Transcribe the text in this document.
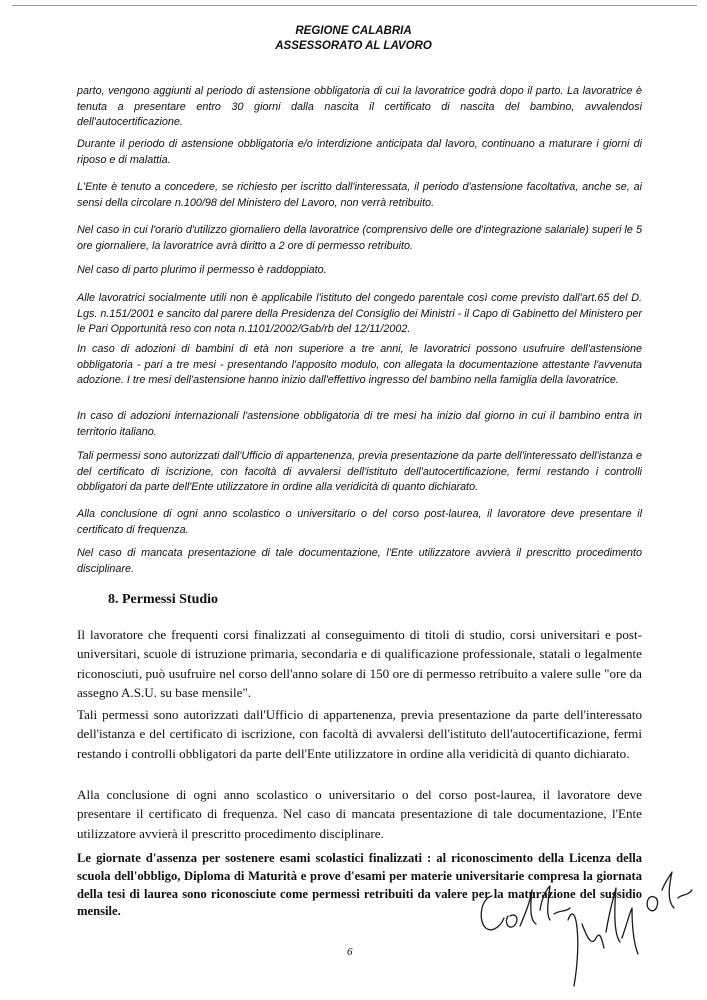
REGIONE CALABRIA
ASSESSORATO AL LAVORO

parto, vengono aggiunti al periodo di astensione obbligatoria di cui la lavoratrice godrà dopo il parto. La lavoratrice è tenuta a presentare entro 30 giorni dalla nascita il certificato di nascita del bambino, avvalendosi dell'autocertificazione.

Durante il periodo di astensione obbligatoria e/o interdizione anticipata dal lavoro, continuano a maturare i giorni di riposo e di malattia.

L'Ente è tenuto a concedere, se richiesto per iscritto dall'interessata, il periodo d'astensione facoltativa, anche se, ai sensi della circolare n.100/98 del Ministero del Lavoro, non verrà retribuito.

Nel caso in cui l'orario d'utilizzo giornaliero della lavoratrice (comprensivo delle ore d'integrazione salariale) superi le 5 ore giornaliere, la lavoratrice avrà diritto a 2 ore di permesso retribuito.

Nel caso di parto plurimo il permesso è raddoppiato.

Alle lavoratrici socialmente utili non è applicabile l'istituto del congedo parentale così come previsto dall'art.65 del D. Lgs. n.151/2001 e sancito dal parere della Presidenza del Consiglio dei Ministri - il Capo di Gabinetto del Ministero per le Pari Opportunità reso con nota n.1101/2002/Gab/rb del 12/11/2002.

In caso di adozioni di bambini di età non superiore a tre anni, le lavoratrici possono usufruire dell'astensione obbligatoria - pari a tre mesi - presentando l'apposito modulo, con allegata la documentazione attestante l'avvenuta adozione. I tre mesi dell'astensione hanno inizio dall'effettivo ingresso del bambino nella famiglia della lavoratrice.

In caso di adozioni internazionali l'astensione obbligatoria di tre mesi ha inizio dal giorno in cui il bambino entra in territorio italiano.

Tali permessi sono autorizzati dall'Ufficio di appartenenza, previa presentazione da parte dell'interessato dell'istanza e del certificato di iscrizione, con facoltà di avvalersi dell'istituto dell'autocertificazione, fermi restando i controlli obbligatori da parte dell'Ente utilizzatore in ordine alla veridicità di quanto dichiarato.

Alla conclusione di ogni anno scolastico o universitario o del corso post-laurea, il lavoratore deve presentare il certificato di frequenza.

Nel caso di mancata presentazione di tale documentazione, l'Ente utilizzatore avvierà il prescritto procedimento disciplinare.

8. Permessi Studio

Il lavoratore che frequenti corsi finalizzati al conseguimento di titoli di studio, corsi universitari e post-universitari, scuole di istruzione primaria, secondaria e di qualificazione professionale, statali o legalmente riconosciuti, può usufruire nel corso dell'anno solare di 150 ore di permesso retribuito a valere sulle "ore da assegno A.S.U. su base mensile".

Tali permessi sono autorizzati dall'Ufficio di appartenenza, previa presentazione da parte dell'interessato dell'istanza e del certificato di iscrizione, con facoltà di avvalersi dell'istituto dell'autocertificazione, fermi restando i controlli obbligatori da parte dell'Ente utilizzatore in ordine alla veridicità di quanto dichiarato.

Alla conclusione di ogni anno scolastico o universitario o del corso post-laurea, il lavoratore deve presentare il certificato di frequenza. Nel caso di mancata presentazione di tale documentazione, l'Ente utilizzatore avvierà il prescritto procedimento disciplinare.

Le giornate d'assenza per sostenere esami scolastici finalizzati : al riconoscimento della Licenza della scuola dell'obbligo, Diploma di Maturità e prove d'esami per materie universitarie compresa la giornata della tesi di laurea sono riconosciute come permessi retribuiti da valere per la maturazione del sussidio mensile.

6
